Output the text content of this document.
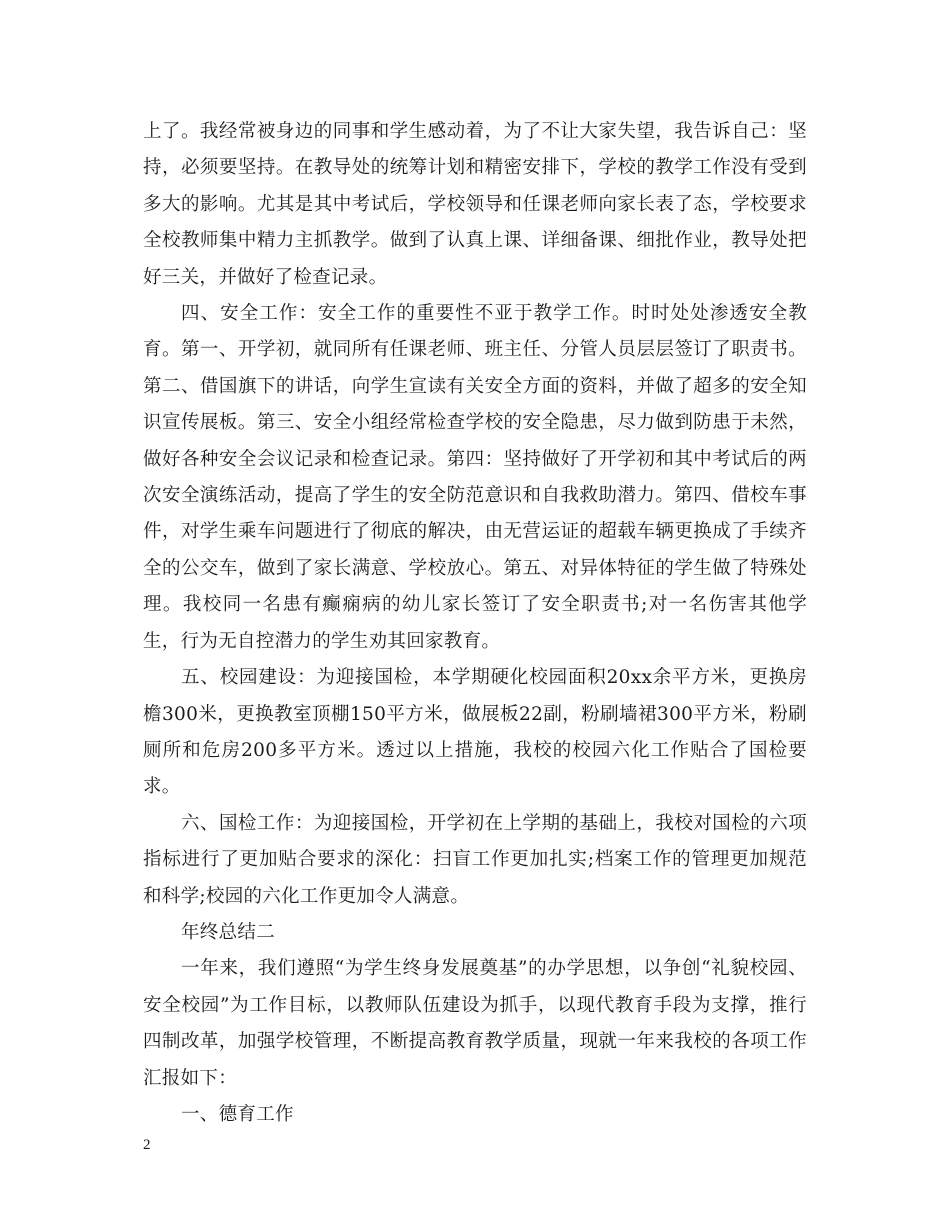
上了。我经常被身边的同事和学生感动着，为了不让大家失望，我告诉自己：坚持，必须要坚持。在教导处的统筹计划和精密安排下，学校的教学工作没有受到多大的影响。尤其是其中考试后，学校领导和任课老师向家长表了态，学校要求全校教师集中精力主抓教学。做到了认真上课、详细备课、细批作业，教导处把好三关，并做好了检查记录。

四、安全工作：安全工作的重要性不亚于教学工作。时时处处渗透安全教育。第一、开学初，就同所有任课老师、班主任、分管人员层层签订了职责书。第二、借国旗下的讲话，向学生宣读有关安全方面的资料，并做了超多的安全知识宣传展板。第三、安全小组经常检查学校的安全隐患，尽力做到防患于未然，做好各种安全会议记录和检查记录。第四：坚持做好了开学初和其中考试后的两次安全演练活动，提高了学生的安全防范意识和自我救助潜力。第四、借校车事件，对学生乘车问题进行了彻底的解决，由无营运证的超载车辆更换成了手续齐全的公交车，做到了家长满意、学校放心。第五、对异体特征的学生做了特殊处理。我校同一名患有癫痫病的幼儿家长签订了安全职责书;对一名伤害其他学生，行为无自控潜力的学生劝其回家教育。

五、校园建设：为迎接国检，本学期硬化校园面积20xx余平方米，更换房檐300米，更换教室顶棚150平方米，做展板22副，粉刷墙裙300平方米，粉刷厕所和危房200多平方米。透过以上措施，我校的校园六化工作贴合了国检要求。

六、国检工作：为迎接国检，开学初在上学期的基础上，我校对国检的六项指标进行了更加贴合要求的深化：扫盲工作更加扎实;档案工作的管理更加规范和科学;校园的六化工作更加令人满意。

年终总结二

一年来，我们遵照“为学生终身发展奠基”的办学思想，以争创“礼貌校园、安全校园”为工作目标，以教师队伍建设为抓手，以现代教育手段为支撑，推行四制改革，加强学校管理，不断提高教育教学质量，现就一年来我校的各项工作汇报如下：

一、德育工作

2
